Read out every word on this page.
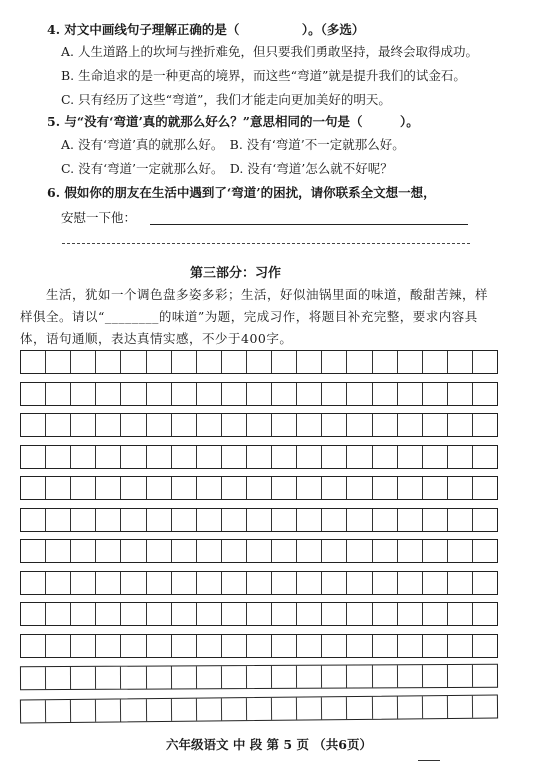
4. 对文中画线句子理解正确的是（　　　　　）。（多选）
A. 人生道路上的坎坷与挫折难免，但只要我们勇敢坚持，最终会取得成功。
B. 生命追求的是一种更高的境界，而这些“弯道”就是提升我们的试金石。
C. 只有经历了这些“弯道”，我们才能走向更加美好的明天。
5. 与“没有‘弯道’真的就那么好么？”意思相同的一句是（　　　）。
A. 没有‘弯道’真的就那么好。　B. 没有‘弯道’不一定就那么好。
C. 没有‘弯道’一定就那么好。　D. 没有‘弯道’怎么就不好呢？
6. 假如你的朋友在生活中遇到了‘弯道’的困扰，请你联系全文想一想，
安慰一下他：
第三部分：习作
生活，犹如一个调色盘多姿多彩；生活，好似油锅里面的味道，酸甜苦辣，样样俱全。请以“________的味道”为题，完成习作，将题目补充完整，要求内容具体，语句通顺，表达真情实感，不少于400字。
六年级语文 中 段 第 5 页 （共6页）
